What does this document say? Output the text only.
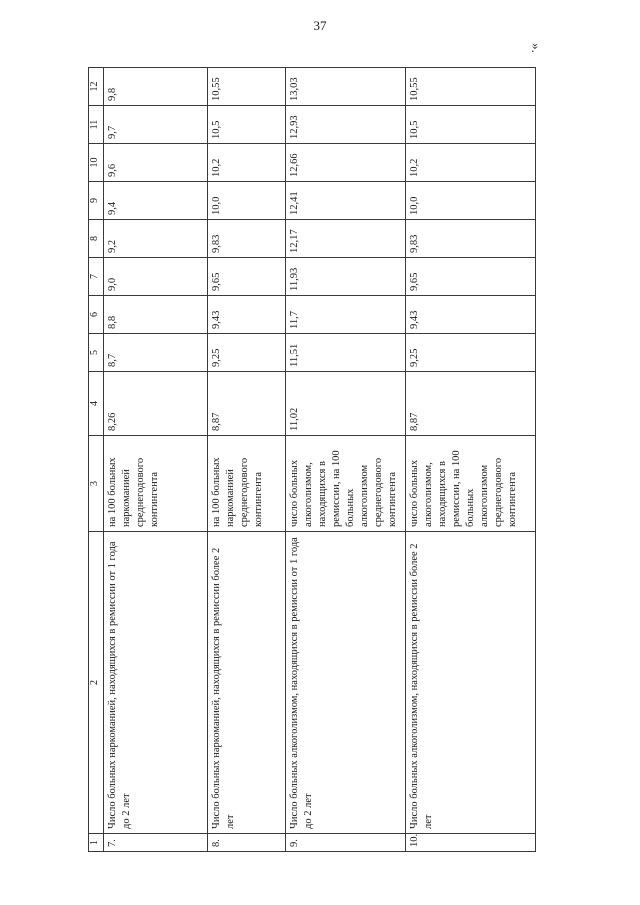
37
».
1	2	3	4	5	6	7	8	9	10	11	12
7.	Число больных наркоманией, находящихся в ремиссии от 1 года до 2 лет	на 100 больных наркоманией среднегодового контингента	8,26	8,7	8,8	9,0	9,2	9,4	9,6	9,7	9,8
8.	Число больных наркоманией, находящихся в ремиссии более 2 лет	на 100 больных наркоманией среднегодового контингента	8,87	9,25	9,43	9,65	9,83	10,0	10,2	10,5	10,55
9.	Число больных алкоголизмом, находящихся в ремиссии от 1 года до 2 лет	число больных алкоголизмом, находящихся в ремиссии, на 100 больных алкоголизмом среднегодового контингента	11,02	11,51	11,7	11,93	12,17	12,41	12,66	12,93	13,03
10.	Число больных алкоголизмом, находящихся в ремиссии более 2 лет	число больных алкоголизмом, находящихся в ремиссии, на 100 больных алкоголизмом среднегодового контингента	8,87	9,25	9,43	9,65	9,83	10,0	10,2	10,5	10,55
